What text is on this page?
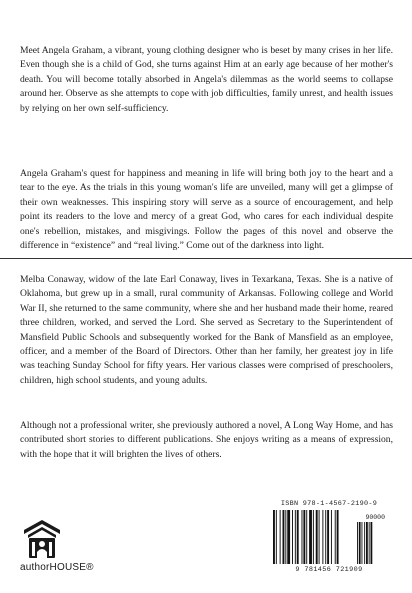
Meet Angela Graham, a vibrant, young clothing designer who is beset by many crises in her life. Even though she is a child of God, she turns against Him at an early age because of her mother's death. You will become totally absorbed in Angela's dilemmas as the world seems to collapse around her. Observe as she attempts to cope with job difficulties, family unrest, and health issues by relying on her own self-sufficiency.

Angela Graham's quest for happiness and meaning in life will bring both joy to the heart and a tear to the eye. As the trials in this young woman's life are unveiled, many will get a glimpse of their own weaknesses. This inspiring story will serve as a source of encouragement, and help point its readers to the love and mercy of a great God, who cares for each individual despite one's rebellion, mistakes, and misgivings. Follow the pages of this novel and observe the difference in “existence” and “real living.” Come out of the darkness into light.

Melba Conaway, widow of the late Earl Conaway, lives in Texarkana, Texas. She is a native of Oklahoma, but grew up in a small, rural community of Arkansas. Following college and World War II, she returned to the same community, where she and her husband made their home, reared three children, worked, and served the Lord. She served as Secretary to the Superintendent of Mansfield Public Schools and subsequently worked for the Bank of Mansfield as an employee, officer, and a member of the Board of Directors. Other than her family, her greatest joy in life was teaching Sunday School for fifty years. Her various classes were comprised of preschoolers, children, high school students, and young adults.

Although not a professional writer, she previously authored a novel, A Long Way Home, and has contributed short stories to different publications. She enjoys writing as a means of expression, with the hope that it will brighten the lives of others.

authorHOUSE®
ISBN 978-1-4567-2190-9
90000
9 781456 721909
